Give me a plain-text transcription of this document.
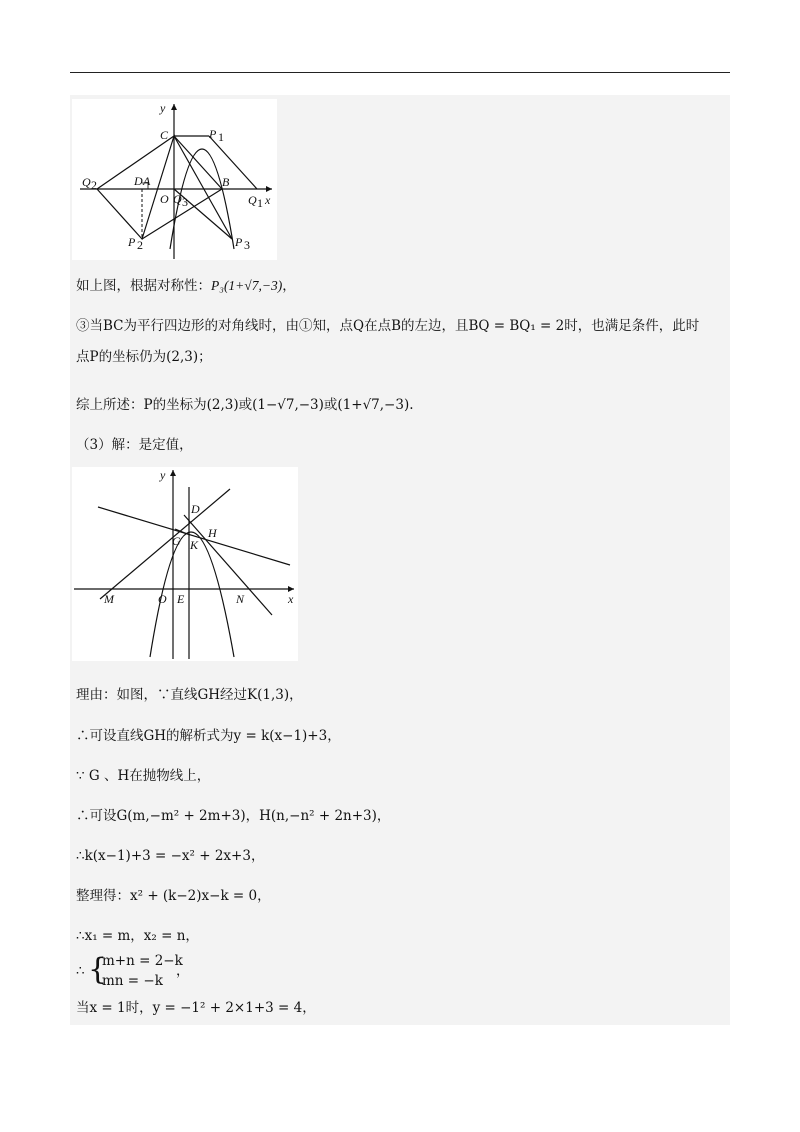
y
x
C	P 1
Q 2	D A	B
O Q 3	Q 1
P 2	P 3
如上图，根据对称性：P₃(1+√7,−3)，
③当BC为平行四边形的对角线时，由①知，点Q在点B的左边，且BQ = BQ₁ = 2时，也满足条件，此时
点P的坐标仍为(2,3)；
综上所述：P的坐标为(2,3)或(1−√7,−3)或(1+√7,−3).
（3）解：是定值，
y
x
D
H
G K
M	O E	N
理由：如图，∵直线GH经过K(1,3)，
∴可设直线GH的解析式为y = k(x−1)+3，
∵ G 、H在抛物线上，
∴可设G(m,−m² + 2m+3)，H(n,−n² + 2n+3)，
∴k(x−1)+3 = −x² + 2x+3，
整理得：x² + (k−2)x−k = 0，
∴x₁ = m，x₂ = n，
∴ {
m+n = 2−k
mn = −k
，
当x = 1时，y = −1² + 2×1+3 = 4，
